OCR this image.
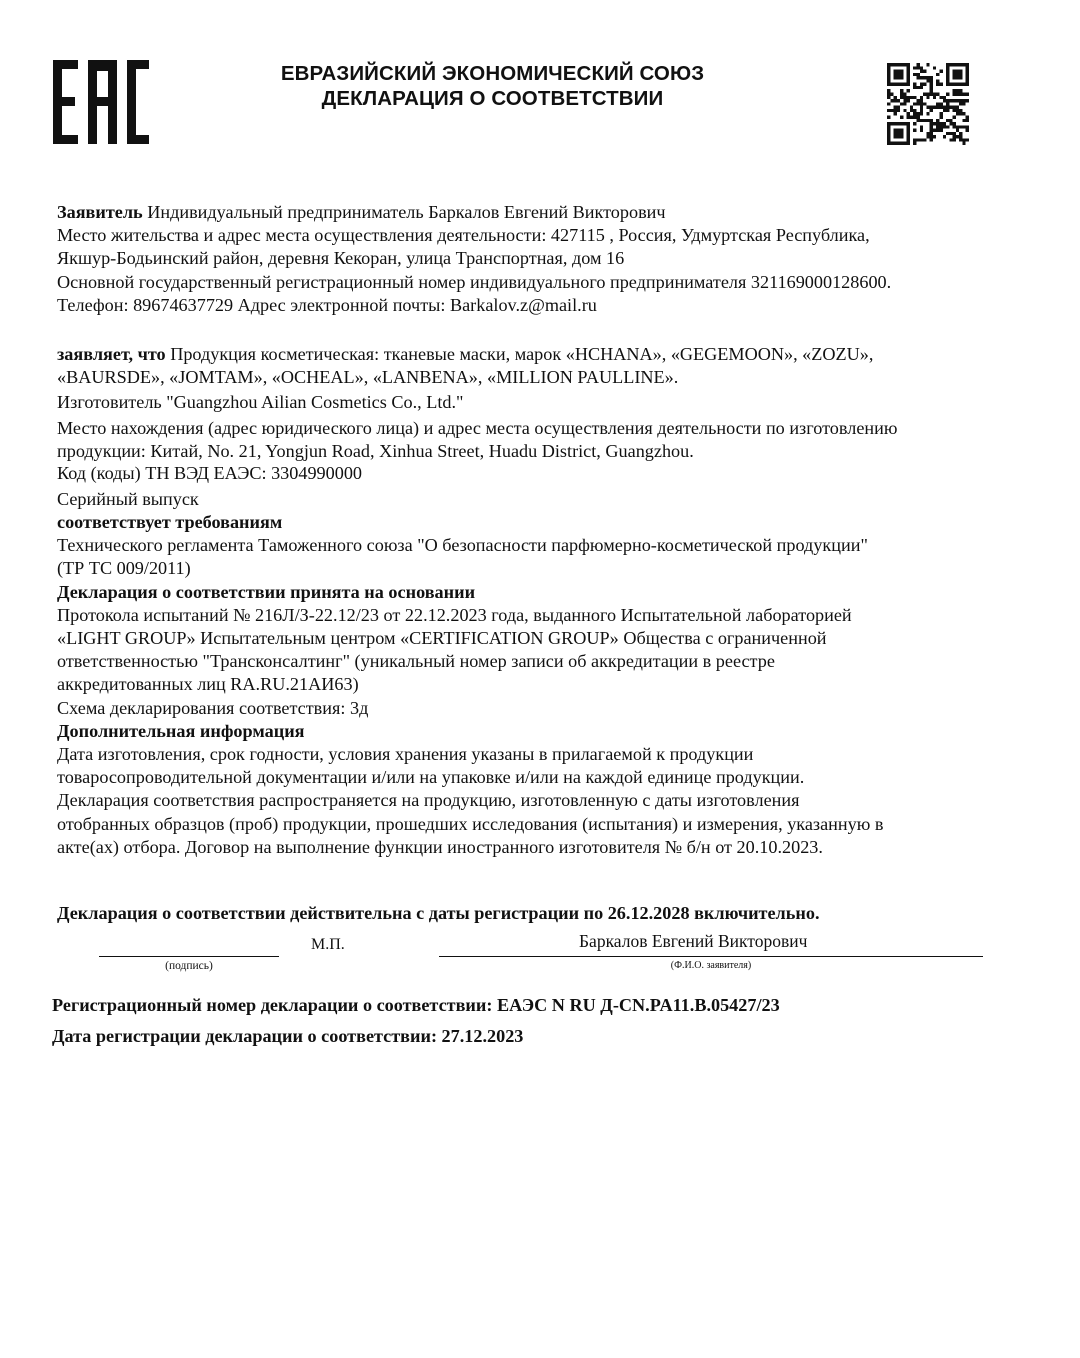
ЕВРАЗИЙСКИЙ ЭКОНОМИЧЕСКИЙ СОЮЗ
ДЕКЛАРАЦИЯ О СООТВЕТСТВИИ

Заявитель Индивидуальный предприниматель Баркалов Евгений Викторович

Место жительства и адрес места осуществления деятельности: 427115 , Россия, Удмуртская Республика,

Якшур-Бодьинский район, деревня Кекоран, улица Транспортная, дом 16

Основной государственный регистрационный номер индивидуального предпринимателя 321169000128600.

Телефон: 89674637729 Адрес электронной почты: Barkalov.z@mail.ru

заявляет, что Продукция косметическая: тканевые маски, марок «HCHANA», «GEGEMOON», «ZOZU»,

«BAURSDE», «JOMTAM», «OCHEAL», «LANBENA», «MILLION PAULLINE».

Изготовитель "Guangzhou Ailian Cosmetics Co., Ltd."

Место нахождения (адрес юридического лица) и адрес места осуществления деятельности по изготовлению

продукции: Китай, No. 21, Yongjun Road, Xinhua Street, Huadu District, Guangzhou.

Код (коды) ТН ВЭД ЕАЭС: 3304990000

Серийный выпуск

соответствует требованиям

Технического регламента Таможенного союза "О безопасности парфюмерно-косметической продукции"

(ТР ТС 009/2011)

Декларация о соответствии принята на основании

Протокола испытаний № 216Л/З-22.12/23 от 22.12.2023 года, выданного Испытательной лабораторией

«LIGHT GROUP» Испытательным центром «CERTIFICATION GROUP» Общества с ограниченной

ответственностью "Трансконсалтинг" (уникальный номер записи об аккредитации в реестре

аккредитованных лиц RA.RU.21АИ63)

Схема декларирования соответствия: 3д

Дополнительная информация

Дата изготовления, срок годности, условия хранения указаны в прилагаемой к продукции

товаросопроводительной документации и/или на упаковке и/или на каждой единице продукции.

Декларация соответствия распространяется на продукцию, изготовленную с даты изготовления

отобранных образцов (проб) продукции, прошедших исследования (испытания) и измерения, указанную в

акте(ах) отбора. Договор на выполнение функции иностранного изготовителя № б/н от 20.10.2023.

Декларация о соответствии действительна с даты регистрации по 26.12.2028 включительно.
М.П.	Баркалов Евгений Викторович
(подпись)	(Ф.И.О. заявителя)
Регистрационный номер декларации о соответствии: ЕАЭС N RU Д-CN.PA11.B.05427/23
Дата регистрации декларации о соответствии: 27.12.2023
